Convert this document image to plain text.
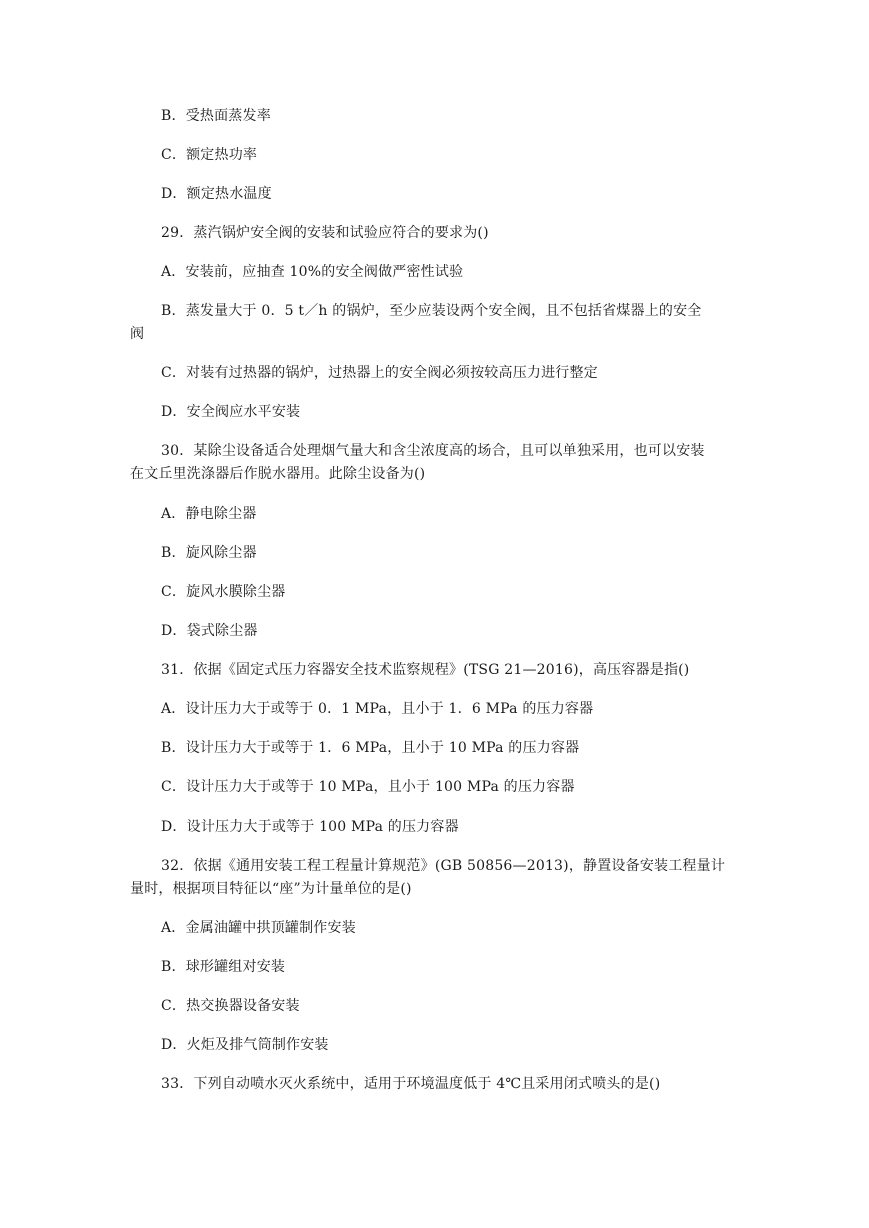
B．受热面蒸发率
C．额定热功率
D．额定热水温度
29．蒸汽锅炉安全阀的安装和试验应符合的要求为()
A．安装前，应抽查 10%的安全阀做严密性试验
B．蒸发量大于 0．5 t／h 的锅炉，至少应装设两个安全阀，且不包括省煤器上的安全
阀
C．对装有过热器的锅炉，过热器上的安全阀必须按较高压力进行整定
D．安全阀应水平安装
30．某除尘设备适合处理烟气量大和含尘浓度高的场合，且可以单独采用，也可以安装
在文丘里洗涤器后作脱水器用。此除尘设备为()
A．静电除尘器
B．旋风除尘器
C．旋风水膜除尘器
D．袋式除尘器
31．依据《固定式压力容器安全技术监察规程》(TSG 21—2016)，高压容器是指()
A．设计压力大于或等于 0．1 MPa，且小于 1．6 MPa 的压力容器
B．设计压力大于或等于 1．6 MPa，且小于 10 MPa 的压力容器
C．设计压力大于或等于 10 MPa，且小于 100 MPa 的压力容器
D．设计压力大于或等于 100 MPa 的压力容器
32．依据《通用安装工程工程量计算规范》(GB 50856—2013)，静置设备安装工程量计
量时，根据项目特征以“座”为计量单位的是()
A．金属油罐中拱顶罐制作安装
B．球形罐组对安装
C．热交换器设备安装
D．火炬及排气筒制作安装
33．下列自动喷水灭火系统中，适用于环境温度低于 4℃且采用闭式喷头的是()
